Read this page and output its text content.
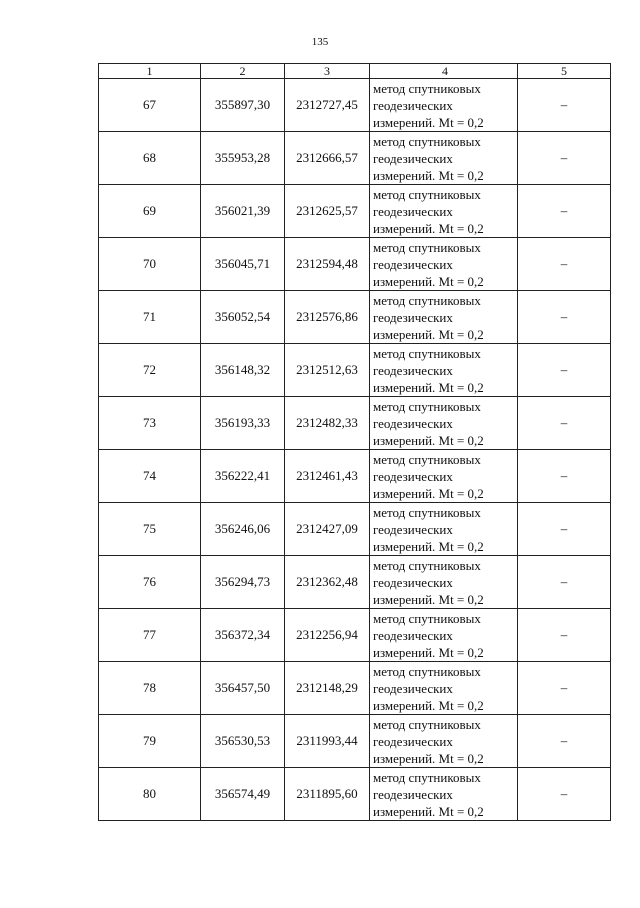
135
1	2	3	4	5
67	355897,30	2312727,45	метод спутниковых
геодезических
измерений. Mt = 0,2	–
68	355953,28	2312666,57	метод спутниковых
геодезических
измерений. Mt = 0,2	–
69	356021,39	2312625,57	метод спутниковых
геодезических
измерений. Mt = 0,2	–
70	356045,71	2312594,48	метод спутниковых
геодезических
измерений. Mt = 0,2	–
71	356052,54	2312576,86	метод спутниковых
геодезических
измерений. Mt = 0,2	–
72	356148,32	2312512,63	метод спутниковых
геодезических
измерений. Mt = 0,2	–
73	356193,33	2312482,33	метод спутниковых
геодезических
измерений. Mt = 0,2	–
74	356222,41	2312461,43	метод спутниковых
геодезических
измерений. Mt = 0,2	–
75	356246,06	2312427,09	метод спутниковых
геодезических
измерений. Mt = 0,2	–
76	356294,73	2312362,48	метод спутниковых
геодезических
измерений. Mt = 0,2	–
77	356372,34	2312256,94	метод спутниковых
геодезических
измерений. Mt = 0,2	–
78	356457,50	2312148,29	метод спутниковых
геодезических
измерений. Mt = 0,2	–
79	356530,53	2311993,44	метод спутниковых
геодезических
измерений. Mt = 0,2	–
80	356574,49	2311895,60	метод спутниковых
геодезических
измерений. Mt = 0,2	–
